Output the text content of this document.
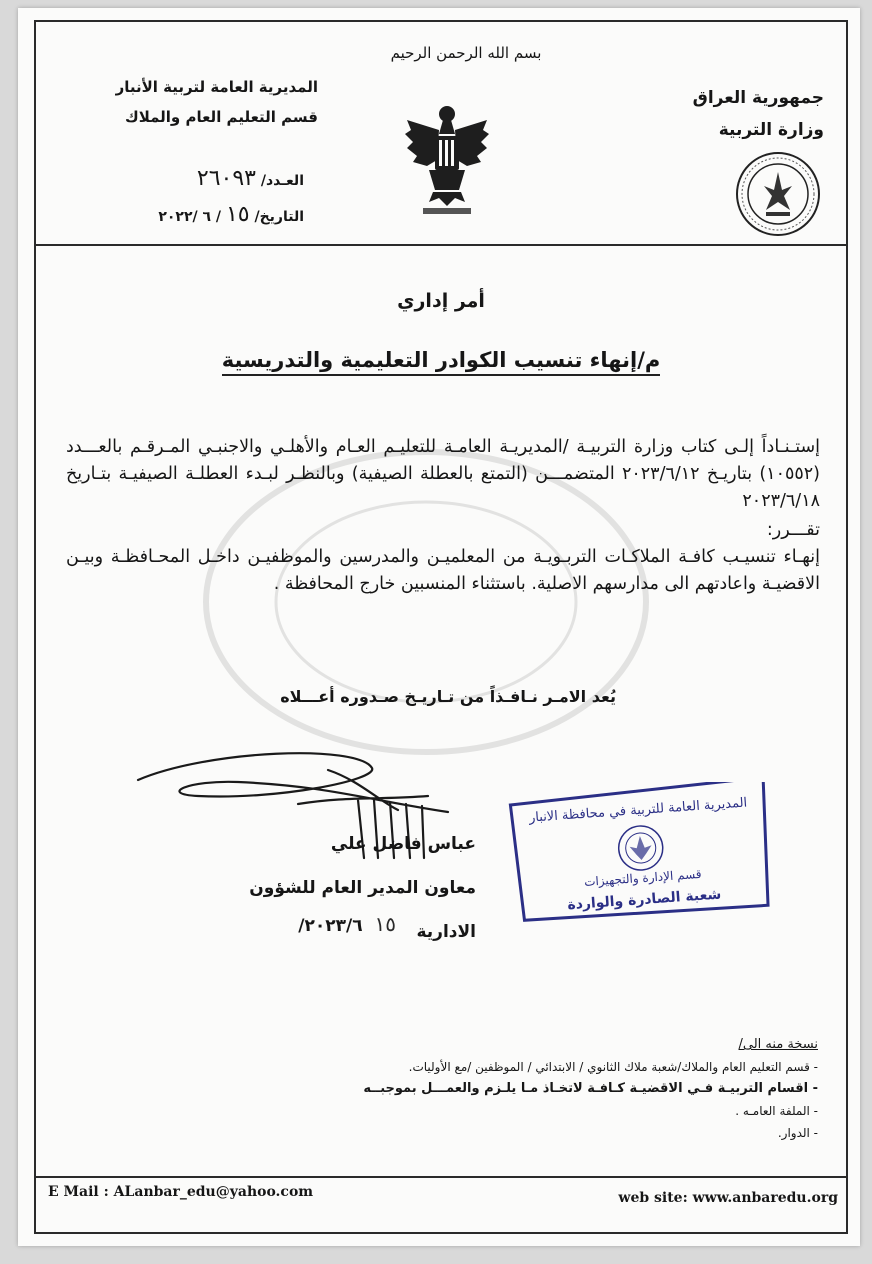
بسم الله الرحمن الرحيم
جمهورية العراق
وزارة التربية
المديرية العامة لتربية الأنبار
قسم التعليم العام والملاك
العـدد/ ٢٦٠٩٣
التاريخ/ ١٥ / ٦ /٢٠٢٢
أمر إداري
م/إنهاء تنسيب الكوادر التعليمية والتدريسية

إستـنـاداً إلـى كتاب وزارة التربيـة /المديريـة العامـة للتعليـم العـام والأهلـي والاجنبـي المـرقـم بالعـــدد (١٠٥٥٢) بتاريـخ ٢٠٢٣/٦/١٢ المتضمـــن (التمتع بالعطلة الصيفية) وبالنظـر لبـدء العطلـة الصيفيـة بتـاريخ ٢٠٢٣/٦/١٨

تقـــرر:

إنهـاء تنسيـب كافـة الملاكـات التربـويـة من المعلميـن والمدرسين والموظفيـن داخـل المحـافظـة وبيـن الاقضيـة واعادتهم الى مدارسهم الاصلية. باستثناء المنسبين خارج المحافظة .

يُعد الامـر نـافـذاً من تـاريـخ صـدوره أعـــلاه
المديرية العامة للتربية في محافظة الانبار
قسم الإدارة والتجهيزات
شعبة الصادرة والواردة
عباس فاضل علي
معاون المدير العام للشؤون الادارية
١٥ ٢٠٢٣/٦/
نسخة منه الى/
- قسم التعليم العام والملاك/شعبة ملاك الثانوي / الابتدائي / الموظفين /مع الأوليات.
- اقسام التربيـة فـي الاقضيـة كـافـة لاتخـاذ مـا يلـزم والعمـــل بموجبــه
- الملفة العامـه .
- الدوار.
E Mail : ALanbar_edu@yahoo.com	web site: www.anbaredu.org
